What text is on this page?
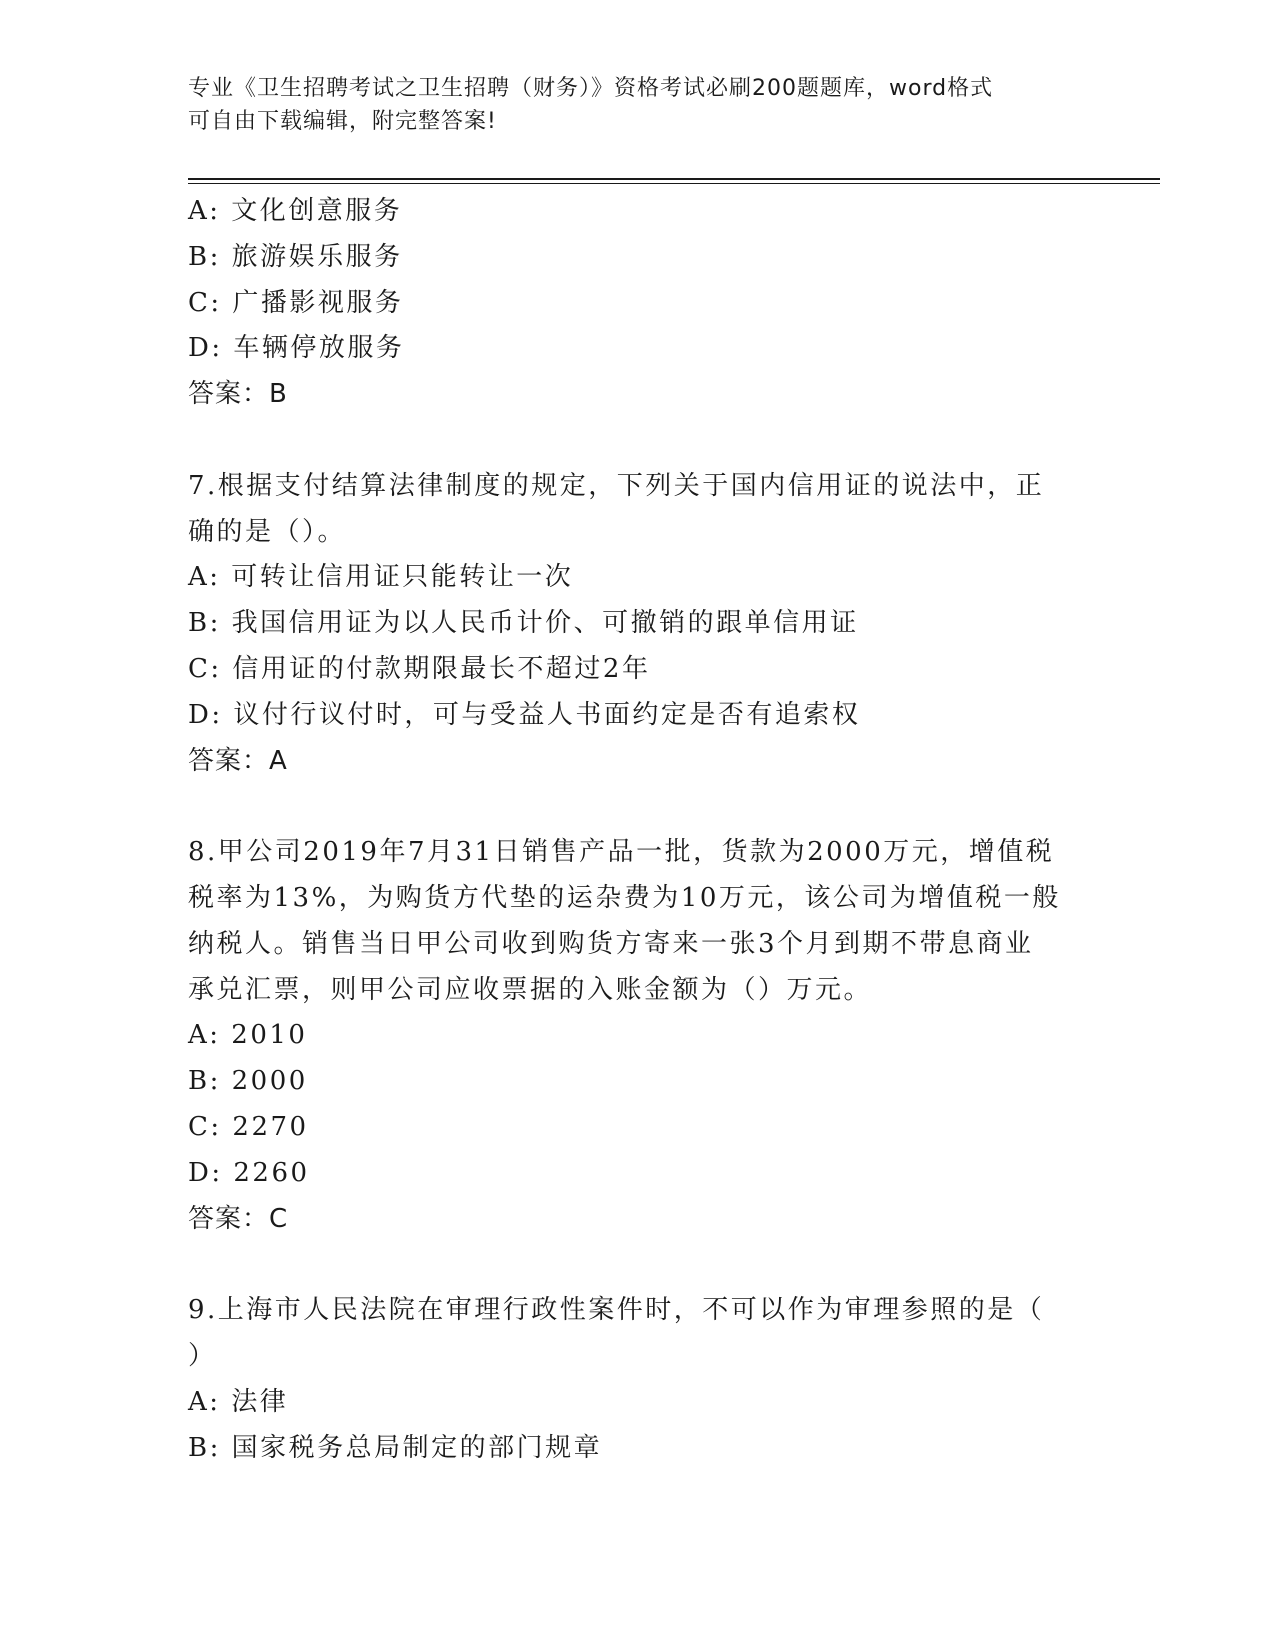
专业《卫生招聘考试之卫生招聘（财务）》资格考试必刷200题题库，word格式
可自由下载编辑，附完整答案!
A: 文化创意服务
B: 旅游娱乐服务
C: 广播影视服务
D: 车辆停放服务
答案：B
7.根据支付结算法律制度的规定，下列关于国内信用证的说法中，正
确的是（）。
A: 可转让信用证只能转让一次
B: 我国信用证为以人民币计价、可撤销的跟单信用证
C: 信用证的付款期限最长不超过2年
D: 议付行议付时，可与受益人书面约定是否有追索权
答案：A
8.甲公司2019年7月31日销售产品一批，货款为2000万元，增值税
税率为13%，为购货方代垫的运杂费为10万元，该公司为增值税一般
纳税人。销售当日甲公司收到购货方寄来一张3个月到期不带息商业
承兑汇票，则甲公司应收票据的入账金额为（）万元。
A: 2010
B: 2000
C: 2270
D: 2260
答案：C
9.上海市人民法院在审理行政性案件时，不可以作为审理参照的是（
）
A: 法律
B: 国家税务总局制定的部门规章
